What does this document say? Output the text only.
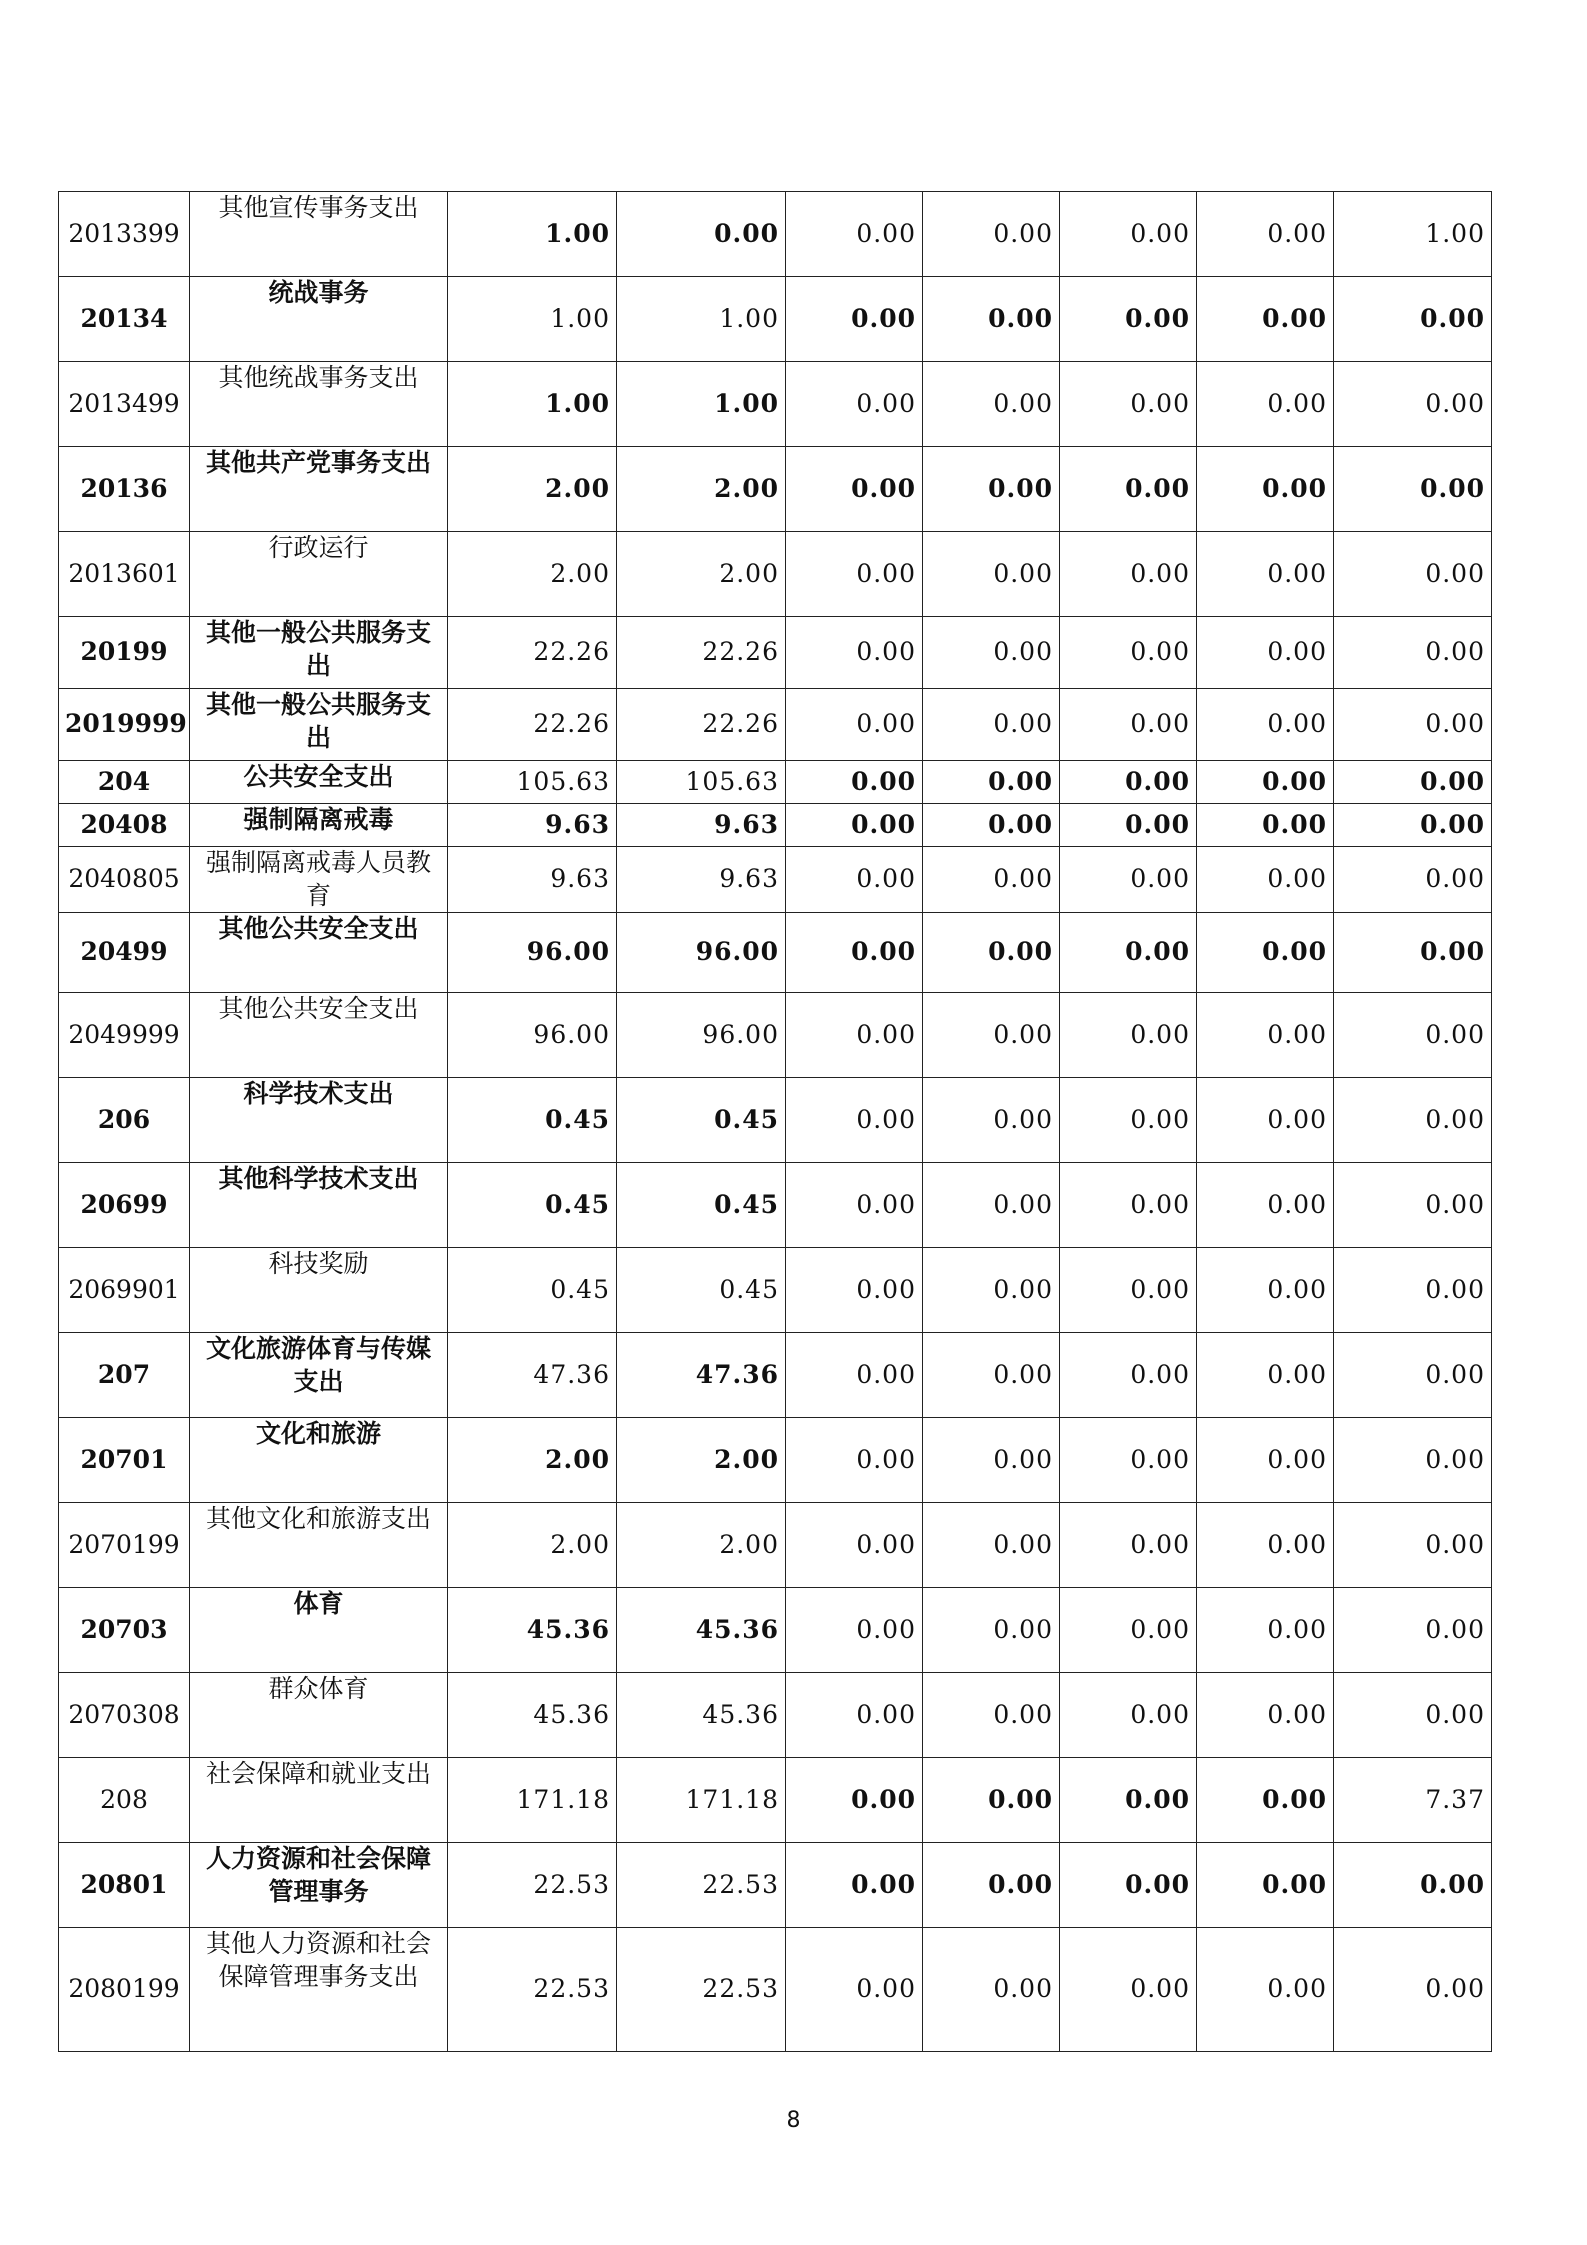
2013399	其他宣传事务支出	1.00	0.00	0.00	0.00	0.00	0.00	1.00
20134	统战事务	1.00	1.00	0.00	0.00	0.00	0.00	0.00
2013499	其他统战事务支出	1.00	1.00	0.00	0.00	0.00	0.00	0.00
20136	其他共产党事务支出	2.00	2.00	0.00	0.00	0.00	0.00	0.00
2013601	行政运行	2.00	2.00	0.00	0.00	0.00	0.00	0.00
20199	其他一般公共服务支出	22.26	22.26	0.00	0.00	0.00	0.00	0.00
2019999	其他一般公共服务支出	22.26	22.26	0.00	0.00	0.00	0.00	0.00
204	公共安全支出	105.63	105.63	0.00	0.00	0.00	0.00	0.00
20408	强制隔离戒毒	9.63	9.63	0.00	0.00	0.00	0.00	0.00
2040805	强制隔离戒毒人员教育	9.63	9.63	0.00	0.00	0.00	0.00	0.00
20499	其他公共安全支出	96.00	96.00	0.00	0.00	0.00	0.00	0.00
2049999	其他公共安全支出	96.00	96.00	0.00	0.00	0.00	0.00	0.00
206	科学技术支出	0.45	0.45	0.00	0.00	0.00	0.00	0.00
20699	其他科学技术支出	0.45	0.45	0.00	0.00	0.00	0.00	0.00
2069901	科技奖励	0.45	0.45	0.00	0.00	0.00	0.00	0.00
207	文化旅游体育与传媒支出	47.36	47.36	0.00	0.00	0.00	0.00	0.00
20701	文化和旅游	2.00	2.00	0.00	0.00	0.00	0.00	0.00
2070199	其他文化和旅游支出	2.00	2.00	0.00	0.00	0.00	0.00	0.00
20703	体育	45.36	45.36	0.00	0.00	0.00	0.00	0.00
2070308	群众体育	45.36	45.36	0.00	0.00	0.00	0.00	0.00
208	社会保障和就业支出	171.18	171.18	0.00	0.00	0.00	0.00	7.37
20801	人力资源和社会保障管理事务	22.53	22.53	0.00	0.00	0.00	0.00	0.00
2080199	其他人力资源和社会保障管理事务支出	22.53	22.53	0.00	0.00	0.00	0.00	0.00
8
